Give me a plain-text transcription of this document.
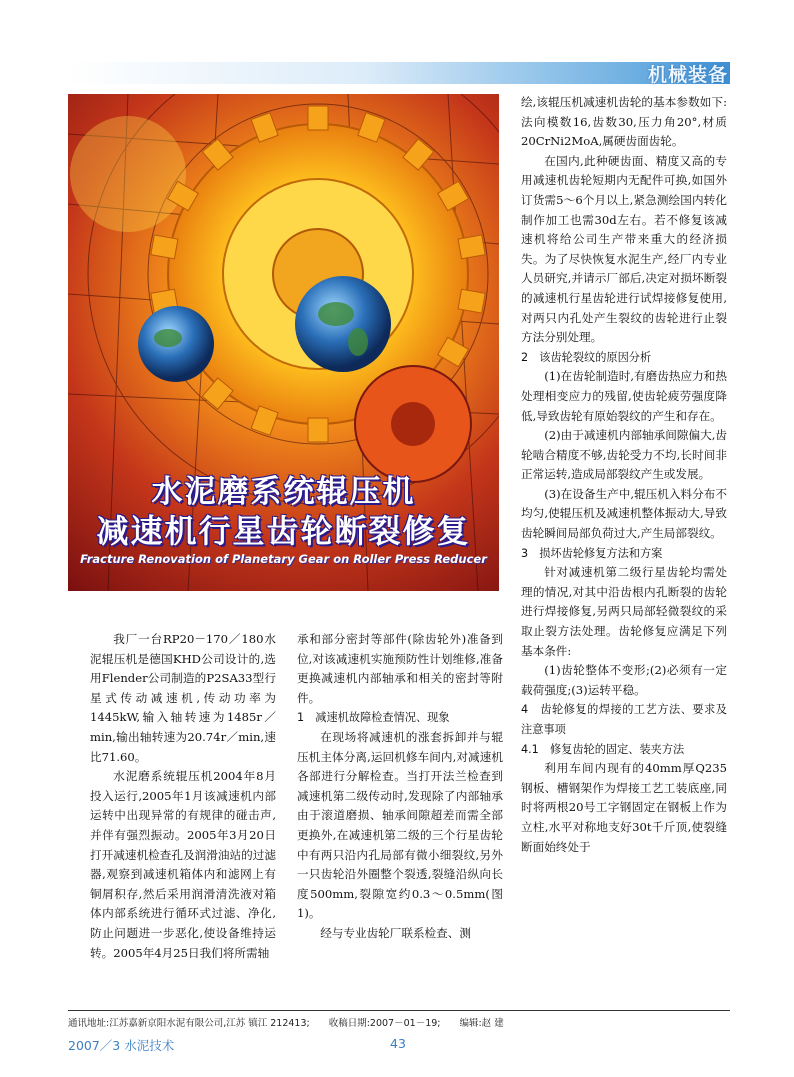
机械装备
水泥磨系统辊压机
减速机行星齿轮断裂修复
Fracture Renovation of Planetary Gear on Roller Press Reducer

我厂一台RP20－170／180水泥辊压机是德国KHD公司设计的,选用Flender公司制造的P2SA33型行星式传动减速机,传动功率为1445kW,输入轴转速为1485r／min,输出轴转速为20.74r／min,速比71.60。

水泥磨系统辊压机2004年8月投入运行,2005年1月该减速机内部运转中出现异常的有规律的碰击声,并伴有强烈振动。2005年3月20日打开减速机检查孔及润滑油站的过滤器,观察到减速机箱体内和滤网上有铜屑积存,然后采用润滑清洗液对箱体内部系统进行循环式过滤、净化,防止问题进一步恶化,使设备维持运转。2005年4月25日我们将所需轴

承和部分密封等部件(除齿轮外)准备到位,对该减速机实施预防性计划维修,准备更换减速机内部轴承和相关的密封等附件。

1　减速机故障检查情况、现象

在现场将减速机的涨套拆卸并与辊压机主体分离,运回机修车间内,对减速机各部进行分解检查。当打开法兰检查到减速机第二级传动时,发现除了内部轴承由于滚道磨损、轴承间隙超差而需全部更换外,在减速机第二级的三个行星齿轮中有两只沿内孔局部有微小细裂纹,另外一只齿轮沿外圈整个裂透,裂缝沿纵向长度500mm,裂隙宽约0.3～0.5mm(图1)。

经与专业齿轮厂联系检查、测

绘,该辊压机减速机齿轮的基本参数如下:法向模数16,齿数30,压力角20°,材质20CrNi2MoA,属硬齿面齿轮。

在国内,此种硬齿面、精度又高的专用减速机齿轮短期内无配件可换,如国外订货需5～6个月以上,紧急测绘国内转化制作加工也需30d左右。若不修复该减速机将给公司生产带来重大的经济损失。为了尽快恢复水泥生产,经厂内专业人员研究,并请示厂部后,决定对损坏断裂的减速机行星齿轮进行试焊接修复使用,对两只内孔处产生裂纹的齿轮进行止裂方法分别处理。

2　该齿轮裂纹的原因分析

(1)在齿轮制造时,有磨齿热应力和热处理相变应力的残留,使齿轮疲劳强度降低,导致齿轮有原始裂纹的产生和存在。

(2)由于减速机内部轴承间隙偏大,齿轮啮合精度不够,齿轮受力不均,长时间非正常运转,造成局部裂纹产生或发展。

(3)在设备生产中,辊压机入料分布不均匀,使辊压机及减速机整体振动大,导致齿轮瞬间局部负荷过大,产生局部裂纹。

3　损坏齿轮修复方法和方案

针对减速机第二级行星齿轮均需处理的情况,对其中沿齿根内孔断裂的齿轮进行焊接修复,另两只局部轻微裂纹的采取止裂方法处理。齿轮修复应满足下列基本条件:

(1)齿轮整体不变形;(2)必须有一定载荷强度;(3)运转平稳。

4　齿轮修复的焊接的工艺方法、要求及注意事项

4.1　修复齿轮的固定、装夹方法

利用车间内现有的40mm厚Q235钢板、槽钢架作为焊接工艺工装底座,同时将两根20号工字钢固定在钢板上作为立柱,水平对称地支好30t千斤顶,使裂缝断面始终处于

通讯地址:江苏嘉新京阳水泥有限公司,江苏 镇江 212413;　　收稿日期:2007－01－19;　　编辑:赵 建
2007／3 水泥技术	43
